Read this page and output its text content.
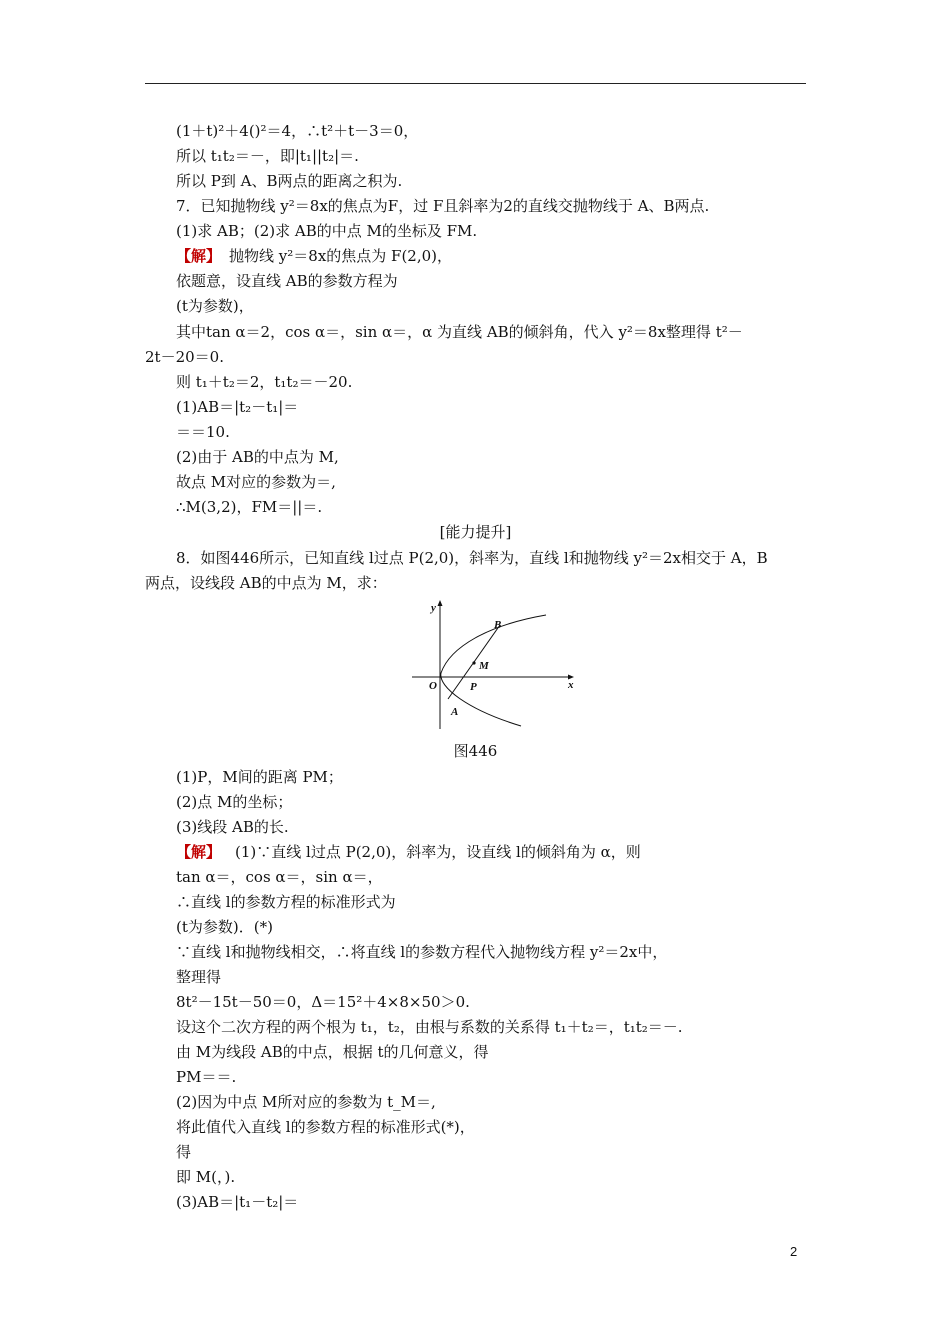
(1＋t)²＋4()²＝4，∴t²＋t－3＝0，
所以 t₁t₂＝－，即|t₁||t₂|＝.
所以 P到 A、B两点的距离之积为.
7．已知抛物线 y²＝8x的焦点为F，过 F且斜率为2的直线交抛物线于 A、B两点.
(1)求 AB；(2)求 AB的中点 M的坐标及 FM.
【解】 抛物线 y²＝8x的焦点为 F(2,0)，
依题意，设直线 AB的参数方程为
(t为参数)，
其中tan α＝2，cos α＝，sin α＝，α 为直线 AB的倾斜角，代入 y²＝8x整理得 t²－
2t－20＝0.
则 t₁＋t₂＝2，t₁t₂＝－20.
(1)AB＝|t₂－t₁|＝
＝＝10.
(2)由于 AB的中点为 M,
故点 M对应的参数为＝,
∴M(3,2)，FM＝||＝.
[能力提升]
8．如图446所示，已知直线 l过点 P(2,0)，斜率为，直线 l和抛物线 y²＝2x相交于 A，B
两点，设线段 AB的中点为 M，求：
y
x
O	P
M
A
B
图446
(1)P，M间的距离 PM；
(2)点 M的坐标；
(3)线段 AB的长.
【解】 (1)∵直线 l过点 P(2,0)，斜率为，设直线 l的倾斜角为 α，则
tan α＝，cos α＝，sin α＝，
∴直线 l的参数方程的标准形式为
(t为参数)．(*)
∵直线 l和抛物线相交，∴将直线 l的参数方程代入抛物线方程 y²＝2x中，
整理得
8t²－15t－50＝0，Δ＝15²＋4×8×50＞0.
设这个二次方程的两个根为 t₁，t₂，由根与系数的关系得 t₁＋t₂＝，t₁t₂＝－.
由 M为线段 AB的中点，根据 t的几何意义，得
PM＝＝.
(2)因为中点 M所对应的参数为 t_M＝,
将此值代入直线 l的参数方程的标准形式(*)，
得
即 M(，).
(3)AB＝|t₁－t₂|＝
2
